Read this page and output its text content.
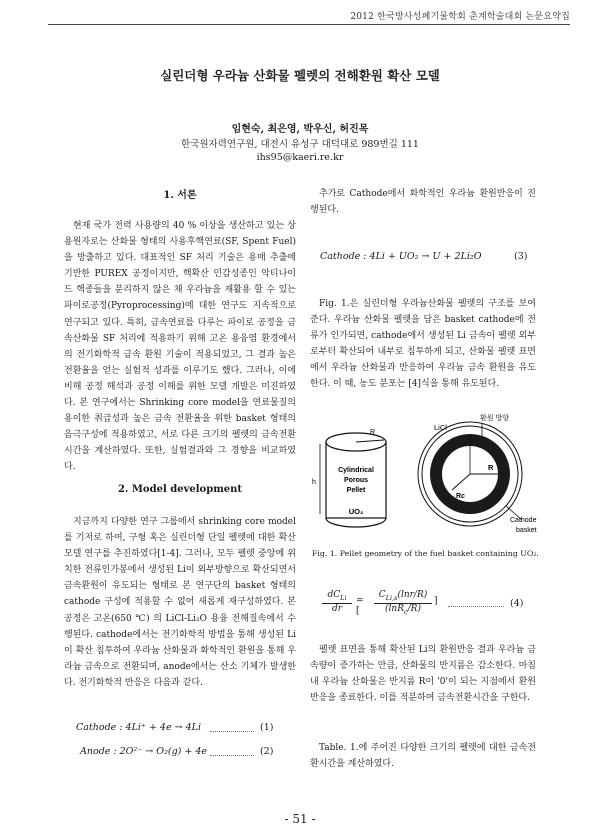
2012 한국방사성폐기물학회 춘계학술대회 논문요약집
실린더형 우라늄 산화물 펠렛의 전해환원 확산 모델
임현숙, 최은영, 박우신, 허진목
한국원자력연구원, 대전시 유성구 대덕대로 989번길 111
ihs95@kaeri.re.kr
1. 서론

현재 국가 전력 사용량의 40 % 이상을 생산하고 있는 상용원자로는 산화물 형태의 사용후핵연료(SF, Spent Fuel)을 방출하고 있다. 대표적인 SF 처리 기술은 용매 추출에 기반한 PUREX 공정이지만, 핵확산 민감성종인 악티나이드 핵종들을 분리하지 않은 채 우라늄을 재활용 할 수 있는 파이로공정(Pyroprocessing)에 대한 연구도 지속적으로 연구되고 있다. 특히, 금속연료를 다루는 파이로 공정을 금속산화물 SF 처리에 적용하기 위해 고온 용융염 환경에서의 전기화학적 금속 환원 기술이 적용되었고, 그 결과 높은 전환율을 얻는 실험적 성과를 이루기도 했다. 그러나, 이에 비해 공정 해석과 공정 이해를 위한 모델 개발은 미진하였다. 본 연구에서는 Shrinking core model을 연료물질의 용이한 취급성과 높은 금속 전환율을 위한 basket 형태의 음극구성에 적용하였고, 서로 다른 크기의 펠렛의 금속전환 시간을 계산하였다. 또한, 실험결과와 그 경향을 비교하였다.

2. Model development

지금까지 다양한 연구 그룹에서 shrinking core model를 기저로 하여, 구형 혹은 실린더형 단일 펠렛에 대한 확산 모델 연구를 추진하였다[1-4]. 그러나, 모두 펠렛 중앙에 위치한 전류인가봉에서 생성된 Li이 외부방향으로 확산되면서 금속환원이 유도되는 형태로 본 연구단의 basket 형태의 cathode 구성에 적용할 수 없어 새롭게 재구성하였다. 본 공정은 고온(650 ℃) 의 LiCl-Li₂O 용융 전해질속에서 수행된다. cathode에서는 전기화학적 방법을 통해 생성된 Li이 확산 침투하여 우라늄 산화물과 화학적인 환원을 통해 우라늄 금속으로 전환되며, anode에서는 산소 기체가 발생한다. 전기화학적 반응은 다음과 같다.

Cathode : 4Li⁺ + 4e → 4Li	(1)
Anode : 2O²⁻ → O₂(g) + 4e	(2)

추가로 Cathode에서 화학적인 우라늄 환원반응이 진행된다.

Cathode : 4Li + UO₂ → U + 2Li₂O	(3)

Fig. 1.은 실린더형 우라늄산화물 펠렛의 구조를 보여준다. 우라늄 산화물 펠렛을 담은 basket cathode에 전류가 인가되면, cathode에서 생성된 Li 금속이 펠렛 외부로부터 확산되어 내부로 침투하게 되고, 산화물 펠렛 표면에서 우라늄 산화물과 반응하여 우라늄 금속 환원을 유도한다. 이 때, 농도 분포는 [4]식을 통해 유도된다.

R
h
Cylindrical
Porous
Pellet
UO₂
LiCl
환원 방향
R
Rc
Cathode
basket
Fig. 1. Pellet geometry of the fuel basket containing UO₂.
$dC_{Li}$
dr
= [
$C_{Li,s}(\ln r/R)$
(lnR$_c$/R)
]	(4)

펠렛 표면을 통해 확산된 Li의 환원반응 결과 우라늄 금속량이 증가하는 만큼, 산화물의 반지름은 감소한다. 마침내 우라늄 산화물은 반지름 R이 '0'이 되는 지점에서 환원반응을 종료한다. 이를 적분하여 금속전환시간을 구한다.

Table. 1.에 주어진 다양한 크기의 펠렛에 대한 금속전환시간을 계산하였다.

- 51 -
